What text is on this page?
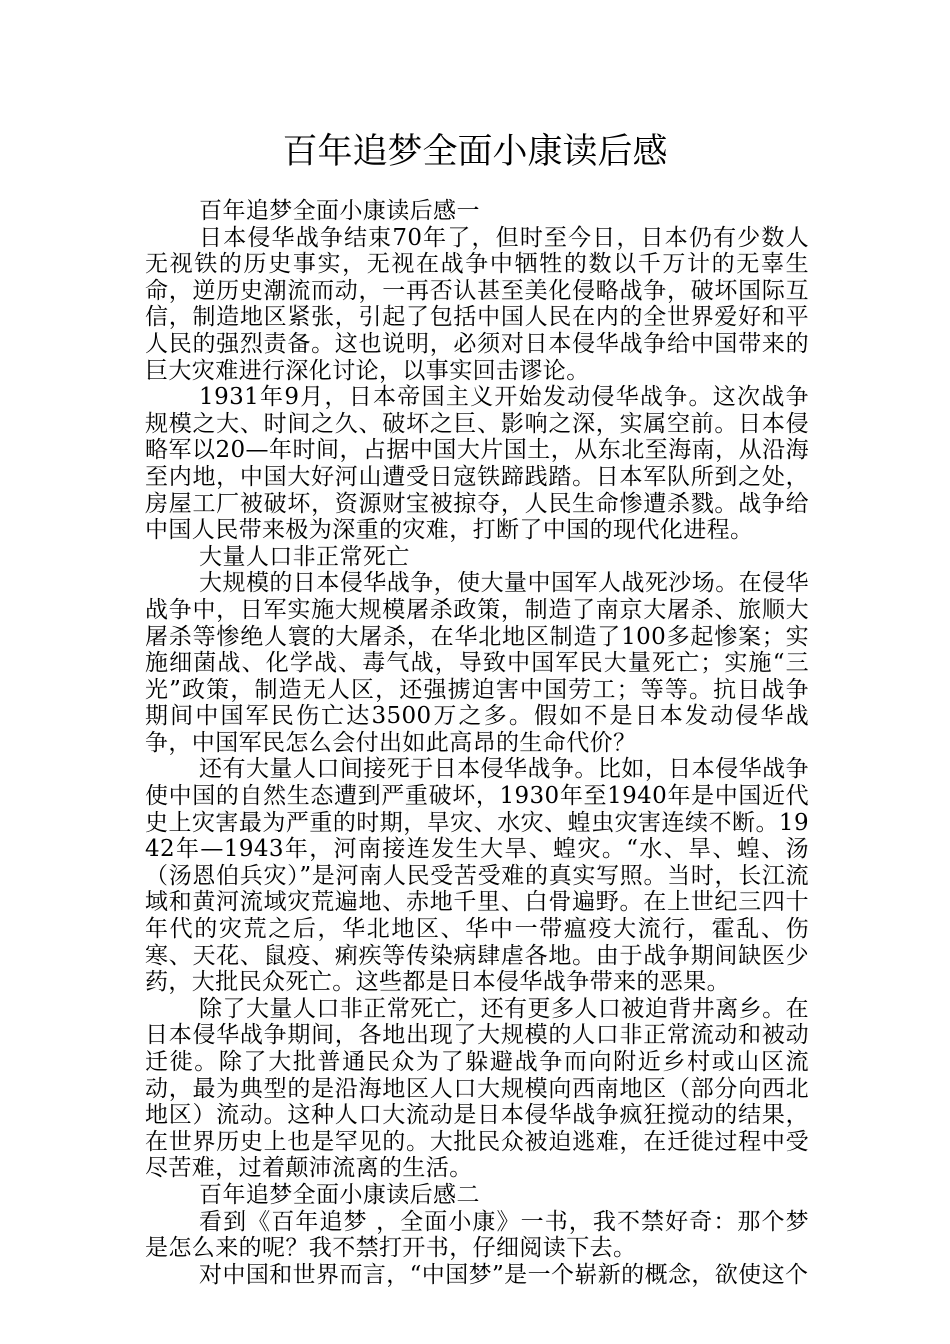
百年追梦全面小康读后感

百年追梦全面小康读后感一

日本侵华战争结束70年了，但时至今日，日本仍有少数人无视铁的历史事实，无视在战争中牺牲的数以千万计的无辜生命，逆历史潮流而动，一再否认甚至美化侵略战争，破坏国际互信，制造地区紧张，引起了包括中国人民在内的全世界爱好和平人民的强烈责备。这也说明，必须对日本侵华战争给中国带来的巨大灾难进行深化讨论，以事实回击谬论。

1931年9月，日本帝国主义开始发动侵华战争。这次战争规模之大、时间之久、破坏之巨、影响之深，实属空前。日本侵略军以20—年时间，占据中国大片国土，从东北至海南，从沿海至内地，中国大好河山遭受日寇铁蹄践踏。日本军队所到之处，房屋工厂被破坏，资源财宝被掠夺，人民生命惨遭杀戮。战争给中国人民带来极为深重的灾难，打断了中国的现代化进程。

大量人口非正常死亡

大规模的日本侵华战争，使大量中国军人战死沙场。在侵华战争中，日军实施大规模屠杀政策，制造了南京大屠杀、旅顺大屠杀等惨绝人寰的大屠杀，在华北地区制造了100多起惨案；实施细菌战、化学战、毒气战，导致中国军民大量死亡；实施“三光”政策，制造无人区，还强掳迫害中国劳工；等等。抗日战争期间中国军民伤亡达3500万之多。假如不是日本发动侵华战争，中国军民怎么会付出如此高昂的生命代价？

还有大量人口间接死于日本侵华战争。比如，日本侵华战争使中国的自然生态遭到严重破坏，1930年至1940年是中国近代史上灾害最为严重的时期，旱灾、水灾、蝗虫灾害连续不断。1942年—1943年，河南接连发生大旱、蝗灾。“水、旱、蝗、汤（汤恩伯兵灾）”是河南人民受苦受难的真实写照。当时，长江流域和黄河流域灾荒遍地、赤地千里、白骨遍野。在上世纪三四十年代的灾荒之后，华北地区、华中一带瘟疫大流行，霍乱、伤寒、天花、鼠疫、痢疾等传染病肆虐各地。由于战争期间缺医少药，大批民众死亡。这些都是日本侵华战争带来的恶果。

除了大量人口非正常死亡，还有更多人口被迫背井离乡。在日本侵华战争期间，各地出现了大规模的人口非正常流动和被动迁徙。除了大批普通民众为了躲避战争而向附近乡村或山区流动，最为典型的是沿海地区人口大规模向西南地区（部分向西北地区）流动。这种人口大流动是日本侵华战争疯狂搅动的结果，在世界历史上也是罕见的。大批民众被迫逃难，在迁徙过程中受尽苦难，过着颠沛流离的生活。

百年追梦全面小康读后感二

看到《百年追梦 ，全面小康》一书，我不禁好奇：那个梦是怎么来的呢？我不禁打开书，仔细阅读下去。

对中国和世界而言，“中国梦”是一个崭新的概念，欲使这个
